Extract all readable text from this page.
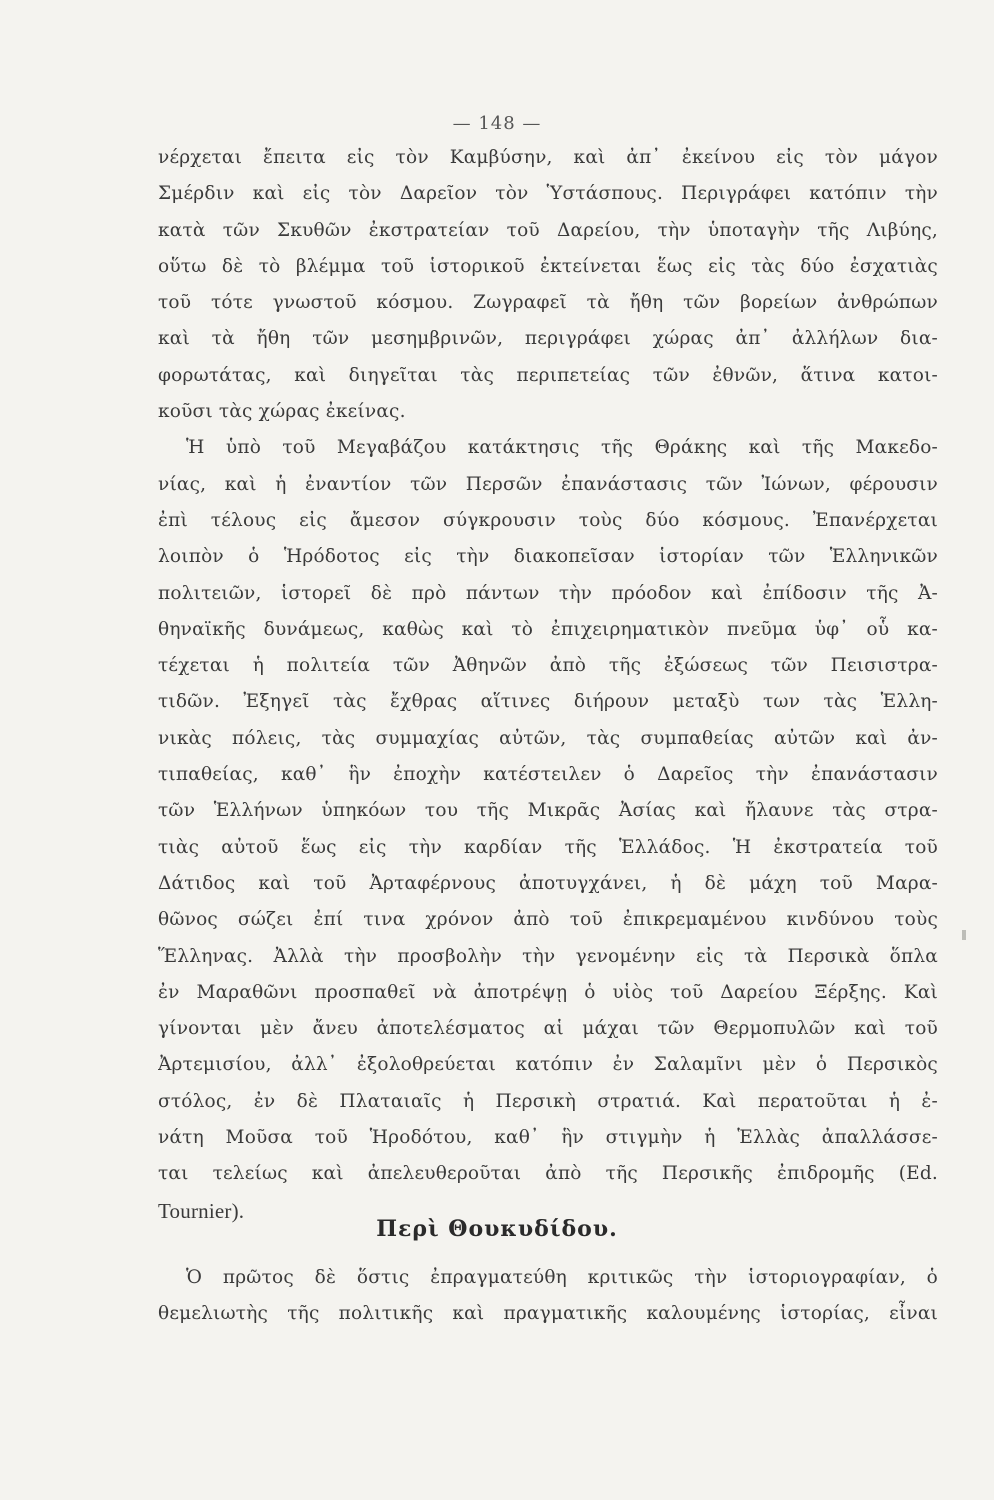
— 148 —
νέρχεται ἔπειτα εἰς τὸν Καμβύσην, καὶ ἀπ᾽ ἐκείνου εἰς τὸν μάγον
Σμέρδιν καὶ εἰς τὸν Δαρεῖον τὸν Ὑστάσπους. Περιγράφει κατόπιν τὴν
κατὰ τῶν Σκυθῶν ἐκστρατείαν τοῦ Δαρείου, τὴν ὑποταγὴν τῆς Λιβύης,
οὕτω δὲ τὸ βλέμμα τοῦ ἱστορικοῦ ἐκτείνεται ἕως εἰς τὰς δύο ἐσχατιὰς
τοῦ τότε γνωστοῦ κόσμου. Ζωγραφεῖ τὰ ἤθη τῶν βορείων ἀνθρώπων
καὶ τὰ ἤθη τῶν μεσημβρινῶν, περιγράφει χώρας ἀπ᾽ ἀλλήλων δια-
φορωτάτας, καὶ διηγεῖται τὰς περιπετείας τῶν ἐθνῶν, ἅτινα κατοι-
κοῦσι τὰς χώρας ἐκείνας.
Ἡ ὑπὸ τοῦ Μεγαβάζου κατάκτησις τῆς Θράκης καὶ τῆς Μακεδο-
νίας, καὶ ἡ ἐναντίον τῶν Περσῶν ἐπανάστασις τῶν Ἰώνων, φέρουσιν
ἐπὶ τέλους εἰς ἄμεσον σύγκρουσιν τοὺς δύο κόσμους. Ἐπανέρχεται
λοιπὸν ὁ Ἡρόδοτος εἰς τὴν διακοπεῖσαν ἱστορίαν τῶν Ἑλληνικῶν
πολιτειῶν, ἱστορεῖ δὲ πρὸ πάντων τὴν πρόοδον καὶ ἐπίδοσιν τῆς Ἀ-
θηναϊκῆς δυνάμεως, καθὼς καὶ τὸ ἐπιχειρηματικὸν πνεῦμα ὑφ᾽ οὗ κα-
τέχεται ἡ πολιτεία τῶν Ἀθηνῶν ἀπὸ τῆς ἐξώσεως τῶν Πεισιστρα-
τιδῶν. Ἐξηγεῖ τὰς ἔχθρας αἵτινες διήρουν μεταξὺ των τὰς Ἑλλη-
νικὰς πόλεις, τὰς συμμαχίας αὐτῶν, τὰς συμπαθείας αὐτῶν καὶ ἀν-
τιπαθείας, καθ᾽ ἣν ἐποχὴν κατέστειλεν ὁ Δαρεῖος τὴν ἐπανάστασιν
τῶν Ἑλλήνων ὑπηκόων του τῆς Μικρᾶς Ἀσίας καὶ ἤλαυνε τὰς στρα-
τιὰς αὐτοῦ ἕως εἰς τὴν καρδίαν τῆς Ἑλλάδος. Ἡ ἐκστρατεία τοῦ
Δάτιδος καὶ τοῦ Ἀρταφέρνους ἀποτυγχάνει, ἡ δὲ μάχη τοῦ Μαρα-
θῶνος σώζει ἐπί τινα χρόνον ἀπὸ τοῦ ἐπικρεμαμένου κινδύνου τοὺς
Ἕλληνας. Ἀλλὰ τὴν προσβολὴν τὴν γενομένην εἰς τὰ Περσικὰ ὅπλα
ἐν Μαραθῶνι προσπαθεῖ νὰ ἀποτρέψῃ ὁ υἱὸς τοῦ Δαρείου Ξέρξης. Καὶ
γίνονται μὲν ἄνευ ἀποτελέσματος αἱ μάχαι τῶν Θερμοπυλῶν καὶ τοῦ
Ἀρτεμισίου, ἀλλ᾽ ἐξολοθρεύεται κατόπιν ἐν Σαλαμῖνι μὲν ὁ Περσικὸς
στόλος, ἐν δὲ Πλαταιαῖς ἡ Περσικὴ στρατιά. Καὶ περατοῦται ἡ ἐ-
νάτη Μοῦσα τοῦ Ἡροδότου, καθ᾽ ἣν στιγμὴν ἡ Ἑλλὰς ἀπαλλάσσε-
ται τελείως καὶ ἀπελευθεροῦται ἀπὸ τῆς Περσικῆς ἐπιδρομῆς (Ed.
Tournier).
Περὶ Θουκυδίδου.
Ὁ πρῶτος δὲ ὅστις ἐπραγματεύθη κριτικῶς τὴν ἱστοριογραφίαν, ὁ
θεμελιωτὴς τῆς πολιτικῆς καὶ πραγματικῆς καλουμένης ἱστορίας, εἶναι
